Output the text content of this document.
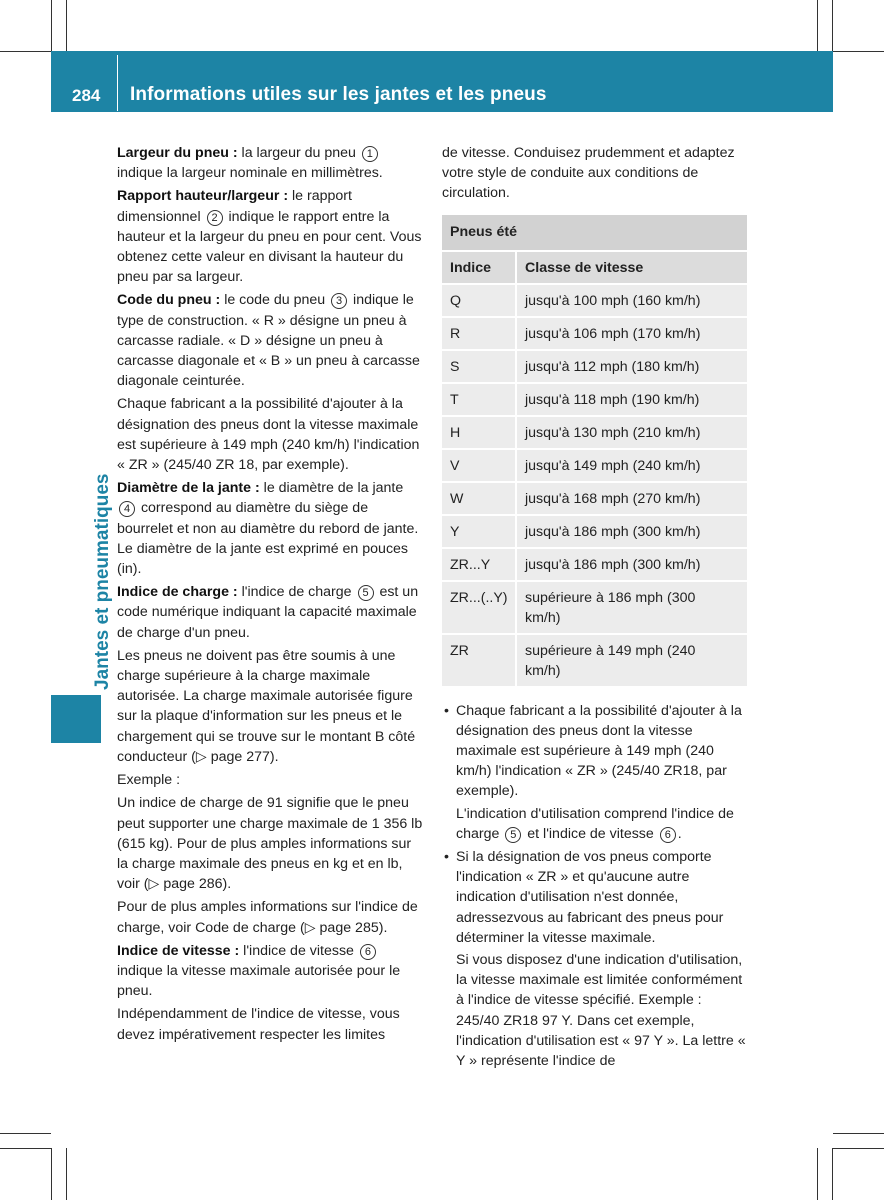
284 Informations utiles sur les jantes et les pneus
Jantes et pneumatiques

Largeur du pneu : la largeur du pneu 1 indique la largeur nominale en millimètres.

Rapport hauteur/largeur : le rapport dimensionnel 2 indique le rapport entre la hauteur et la largeur du pneu en pour cent. Vous obtenez cette valeur en divisant la hauteur du pneu par sa largeur.

Code du pneu : le code du pneu 3 indique le type de construction. « R » désigne un pneu à carcasse radiale. « D » désigne un pneu à carcasse diagonale et « B » un pneu à carcasse diagonale ceinturée.

Chaque fabricant a la possibilité d'ajouter à la désignation des pneus dont la vitesse maximale est supérieure à 149 mph (240 km/h) l'indication « ZR » (245/40 ZR 18, par exemple).

Diamètre de la jante : le diamètre de la jante 4 correspond au diamètre du siège de bourrelet et non au diamètre du rebord de jante. Le diamètre de la jante est exprimé en pouces (in).

Indice de charge : l'indice de charge 5 est un code numérique indiquant la capacité maximale de charge d'un pneu.

Les pneus ne doivent pas être soumis à une charge supérieure à la charge maximale autorisée. La charge maximale autorisée figure sur la plaque d'information sur les pneus et le chargement qui se trouve sur le montant B côté conducteur (▷ page 277).

Exemple :

Un indice de charge de 91 signifie que le pneu peut supporter une charge maximale de 1 356 lb (615 kg). Pour de plus amples informations sur la charge maximale des pneus en kg et en lb, voir (▷ page 286).

Pour de plus amples informations sur l'indice de charge, voir Code de charge (▷ page 285).

Indice de vitesse : l'indice de vitesse 6 indique la vitesse maximale autorisée pour le pneu.

Indépendamment de l'indice de vitesse, vous devez impérativement respecter les limites

de vitesse. Conduisez prudemment et adaptez votre style de conduite aux conditions de circulation.

Pneus été	
Indice	Classe de vitesse
Q	jusqu'à 100 mph (160 km/h)
R	jusqu'à 106 mph (170 km/h)
S	jusqu'à 112 mph (180 km/h)
T	jusqu'à 118 mph (190 km/h)
H	jusqu'à 130 mph (210 km/h)
V	jusqu'à 149 mph (240 km/h)
W	jusqu'à 168 mph (270 km/h)
Y	jusqu'à 186 mph (300 km/h)
ZR...Y	jusqu'à 186 mph (300 km/h)
ZR...(..Y)	supérieure à 186 mph (300 km/h)
ZR	supérieure à 149 mph (240 km/h)

• Chaque fabricant a la possibilité d'ajouter à la désignation des pneus dont la vitesse maximale est supérieure à 149 mph (240 km/h) l'indication « ZR » (245/40 ZR18, par exemple).

L'indication d'utilisation comprend l'indice de charge 5 et l'indice de vitesse 6 .

• Si la désignation de vos pneus comporte l'indication « ZR » et qu'aucune autre indication d'utilisation n'est donnée, adressezvous au fabricant des pneus pour déterminer la vitesse maximale.

Si vous disposez d'une indication d'utilisation, la vitesse maximale est limitée conformément à l'indice de vitesse spécifié. Exemple : 245/40 ZR18 97 Y. Dans cet exemple, l'indication d'utilisation est « 97 Y ». La lettre « Y » représente l'indice de
